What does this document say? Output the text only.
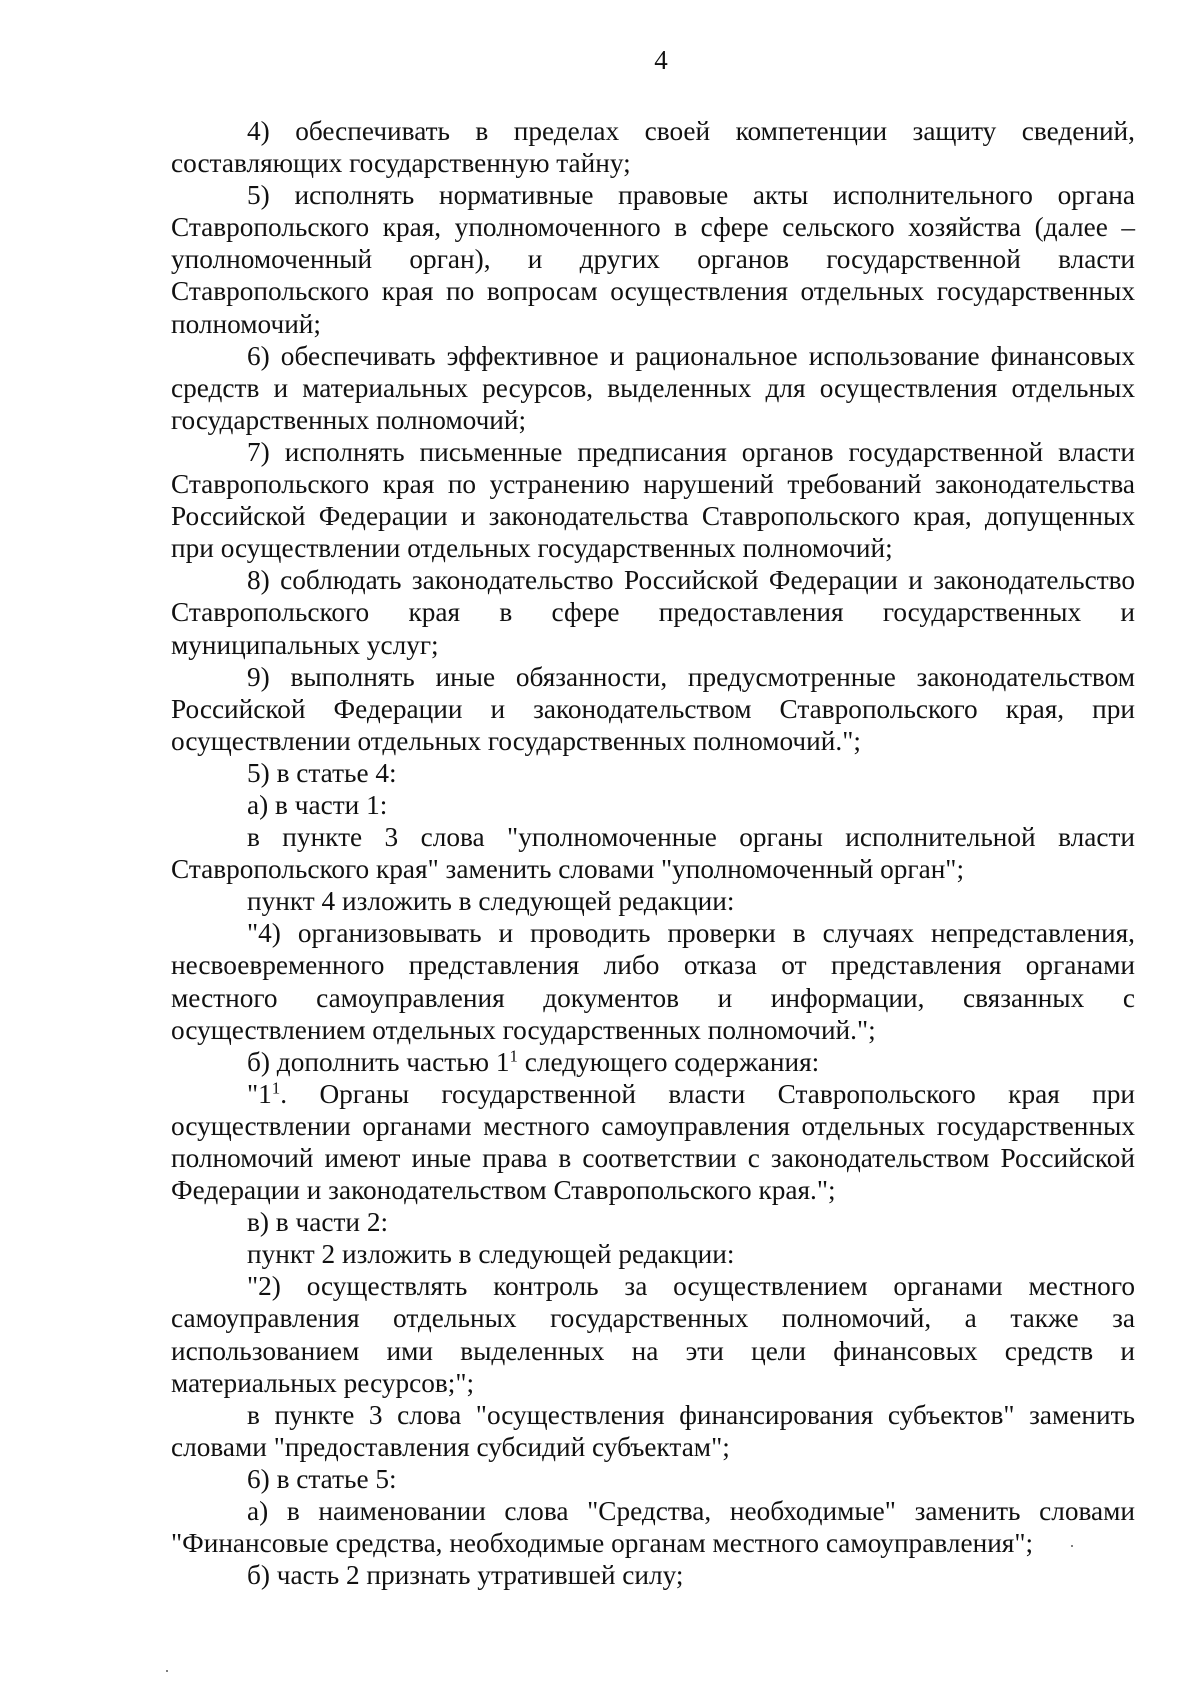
4

4) обеспечивать в пределах своей компетенции защиту сведений, составляющих государственную тайну;

5) исполнять нормативные правовые акты исполнительного органа Ставропольского края, уполномоченного в сфере сельского хозяйства (далее – уполномоченный орган), и других органов государственной власти Ставропольского края по вопросам осуществления отдельных государственных полномочий;

6) обеспечивать эффективное и рациональное использование финансовых средств и материальных ресурсов, выделенных для осуществления отдельных государственных полномочий;

7) исполнять письменные предписания органов государственной власти Ставропольского края по устранению нарушений требований законодательства Российской Федерации и законодательства Ставропольского края, допущенных при осуществлении отдельных государственных полномочий;

8) соблюдать законодательство Российской Федерации и законодательство Ставропольского края в сфере предоставления государственных и муниципальных услуг;

9) выполнять иные обязанности, предусмотренные законодательством Российской Федерации и законодательством Ставропольского края, при осуществлении отдельных государственных полномочий.";

5) в статье 4:

а) в части 1:

в пункте 3 слова "уполномоченные органы исполнительной власти Ставропольского края" заменить словами "уполномоченный орган";

пункт 4 изложить в следующей редакции:

"4) организовывать и проводить проверки в случаях непредставления, несвоевременного представления либо отказа от представления органами местного самоуправления документов и информации, связанных с осуществлением отдельных государственных полномочий.";

б) дополнить частью $1^1$ следующего содержания:

"$1^1$. Органы государственной власти Ставропольского края при осуществлении органами местного самоуправления отдельных государственных полномочий имеют иные права в соответствии с законодательством Российской Федерации и законодательством Ставропольского края.";

в) в части 2:

пункт 2 изложить в следующей редакции:

"2) осуществлять контроль за осуществлением органами местного самоуправления отдельных государственных полномочий, а также за использованием ими выделенных на эти цели финансовых средств и материальных ресурсов;";

в пункте 3 слова "осуществления финансирования субъектов" заменить словами "предоставления субсидий субъектам";

6) в статье 5:

а) в наименовании слова "Средства, необходимые" заменить словами "Финансовые средства, необходимые органам местного самоуправления";

б) часть 2 признать утратившей силу;
